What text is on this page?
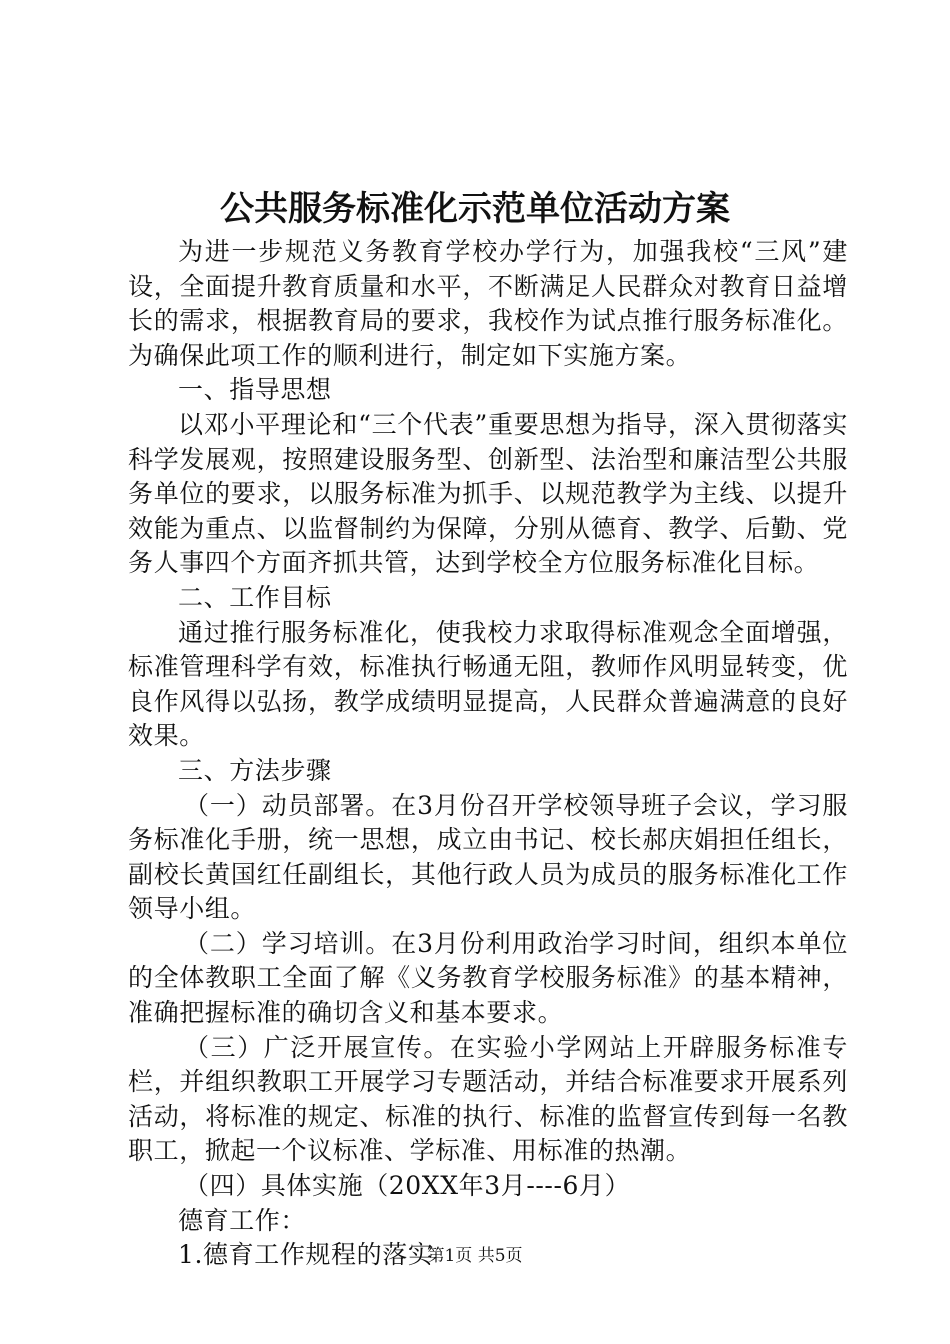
公共服务标准化示范单位活动方案

为进一步规范义务教育学校办学行为，加强我校“三风”建设，全面提升教育质量和水平，不断满足人民群众对教育日益增长的需求，根据教育局的要求，我校作为试点推行服务标准化。为确保此项工作的顺利进行，制定如下实施方案。

一、指导思想

以邓小平理论和“三个代表”重要思想为指导，深入贯彻落实科学发展观，按照建设服务型、创新型、法治型和廉洁型公共服务单位的要求，以服务标准为抓手、以规范教学为主线、以提升效能为重点、以监督制约为保障，分别从德育、教学、后勤、党务人事四个方面齐抓共管，达到学校全方位服务标准化目标。

二、工作目标

通过推行服务标准化，使我校力求取得标准观念全面增强，标准管理科学有效，标准执行畅通无阻，教师作风明显转变，优良作风得以弘扬，教学成绩明显提高，人民群众普遍满意的良好效果。

三、方法步骤

（一）动员部署。在3月份召开学校领导班子会议，学习服务标准化手册，统一思想，成立由书记、校长郝庆娟担任组长，副校长黄国红任副组长，其他行政人员为成员的服务标准化工作领导小组。

（二）学习培训。在3月份利用政治学习时间，组织本单位的全体教职工全面了解《义务教育学校服务标准》的基本精神，准确把握标准的确切含义和基本要求。

（三）广泛开展宣传。在实验小学网站上开辟服务标准专栏，并组织教职工开展学习专题活动，并结合标准要求开展系列活动，将标准的规定、标准的执行、标准的监督宣传到每一名教职工，掀起一个议标准、学标准、用标准的热潮。

（四）具体实施（20XX年3月----6月）

德育工作：

1.德育工作规程的落实

第1页 共5页
